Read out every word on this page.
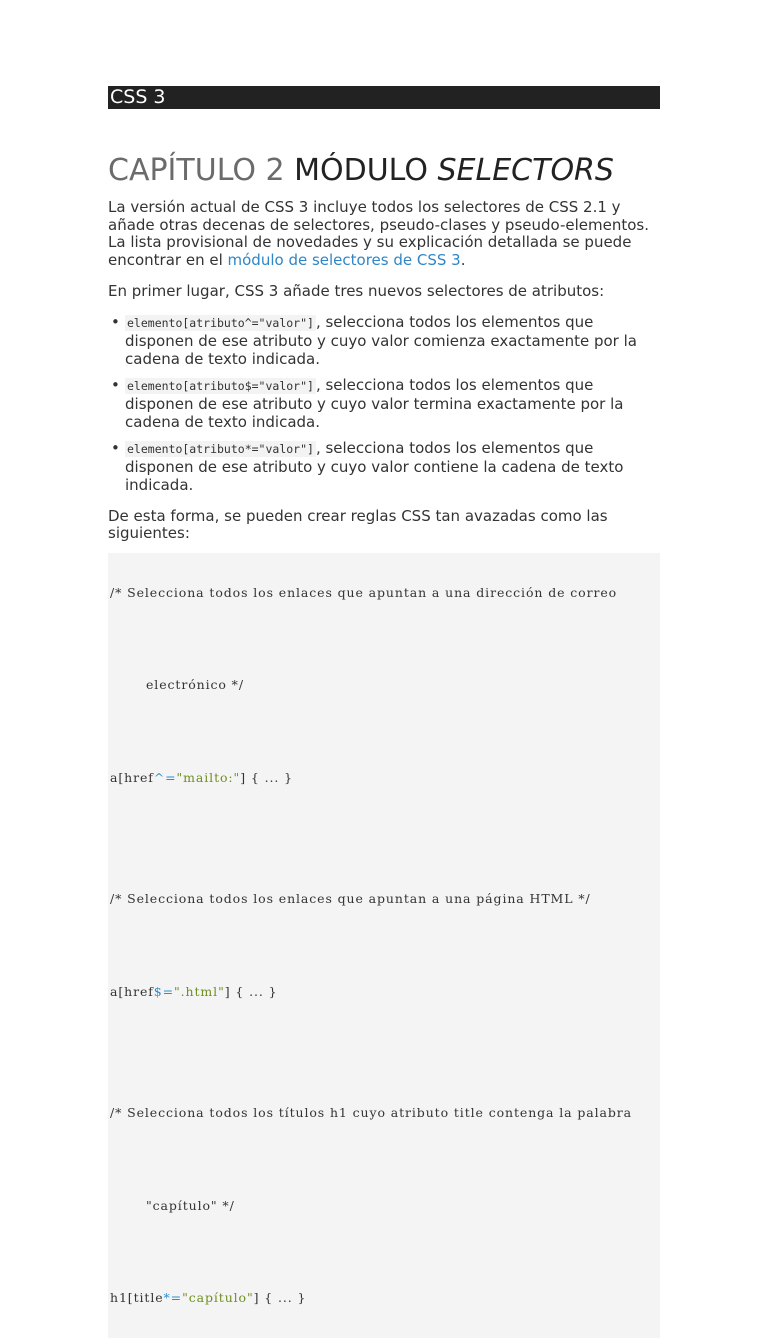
CSS 3
CAPÍTULO 2 MÓDULO SELECTORS

La versión actual de CSS 3 incluye todos los selectores de CSS 2.1 y añade otras decenas de selectores, pseudo-clases y pseudo-elementos. La lista provisional de novedades y su explicación detallada se puede encontrar en el módulo de selectores de CSS 3.

En primer lugar, CSS 3 añade tres nuevos selectores de atributos:

• elemento[atributo^="valor"] , selecciona todos los elementos que disponen de ese atributo y cuyo valor comienza exactamente por la cadena de texto indicada.
• elemento[atributo$="valor"] , selecciona todos los elementos que disponen de ese atributo y cuyo valor termina exactamente por la cadena de texto indicada.
• elemento[atributo*="valor"] , selecciona todos los elementos que disponen de ese atributo y cuyo valor contiene la cadena de texto indicada.

De esta forma, se pueden crear reglas CSS tan avazadas como las siguientes:

/* Selecciona todos los enlaces que apuntan a una dirección de correo

electrónico */

a[href^="mailto:"] { ... }

/* Selecciona todos los enlaces que apuntan a una página HTML */

a[href$=".html"] { ... }

/* Selecciona todos los títulos h1 cuyo atributo title contenga la palabra

"capítulo" */

h1[title*="capítulo"] { ... }
